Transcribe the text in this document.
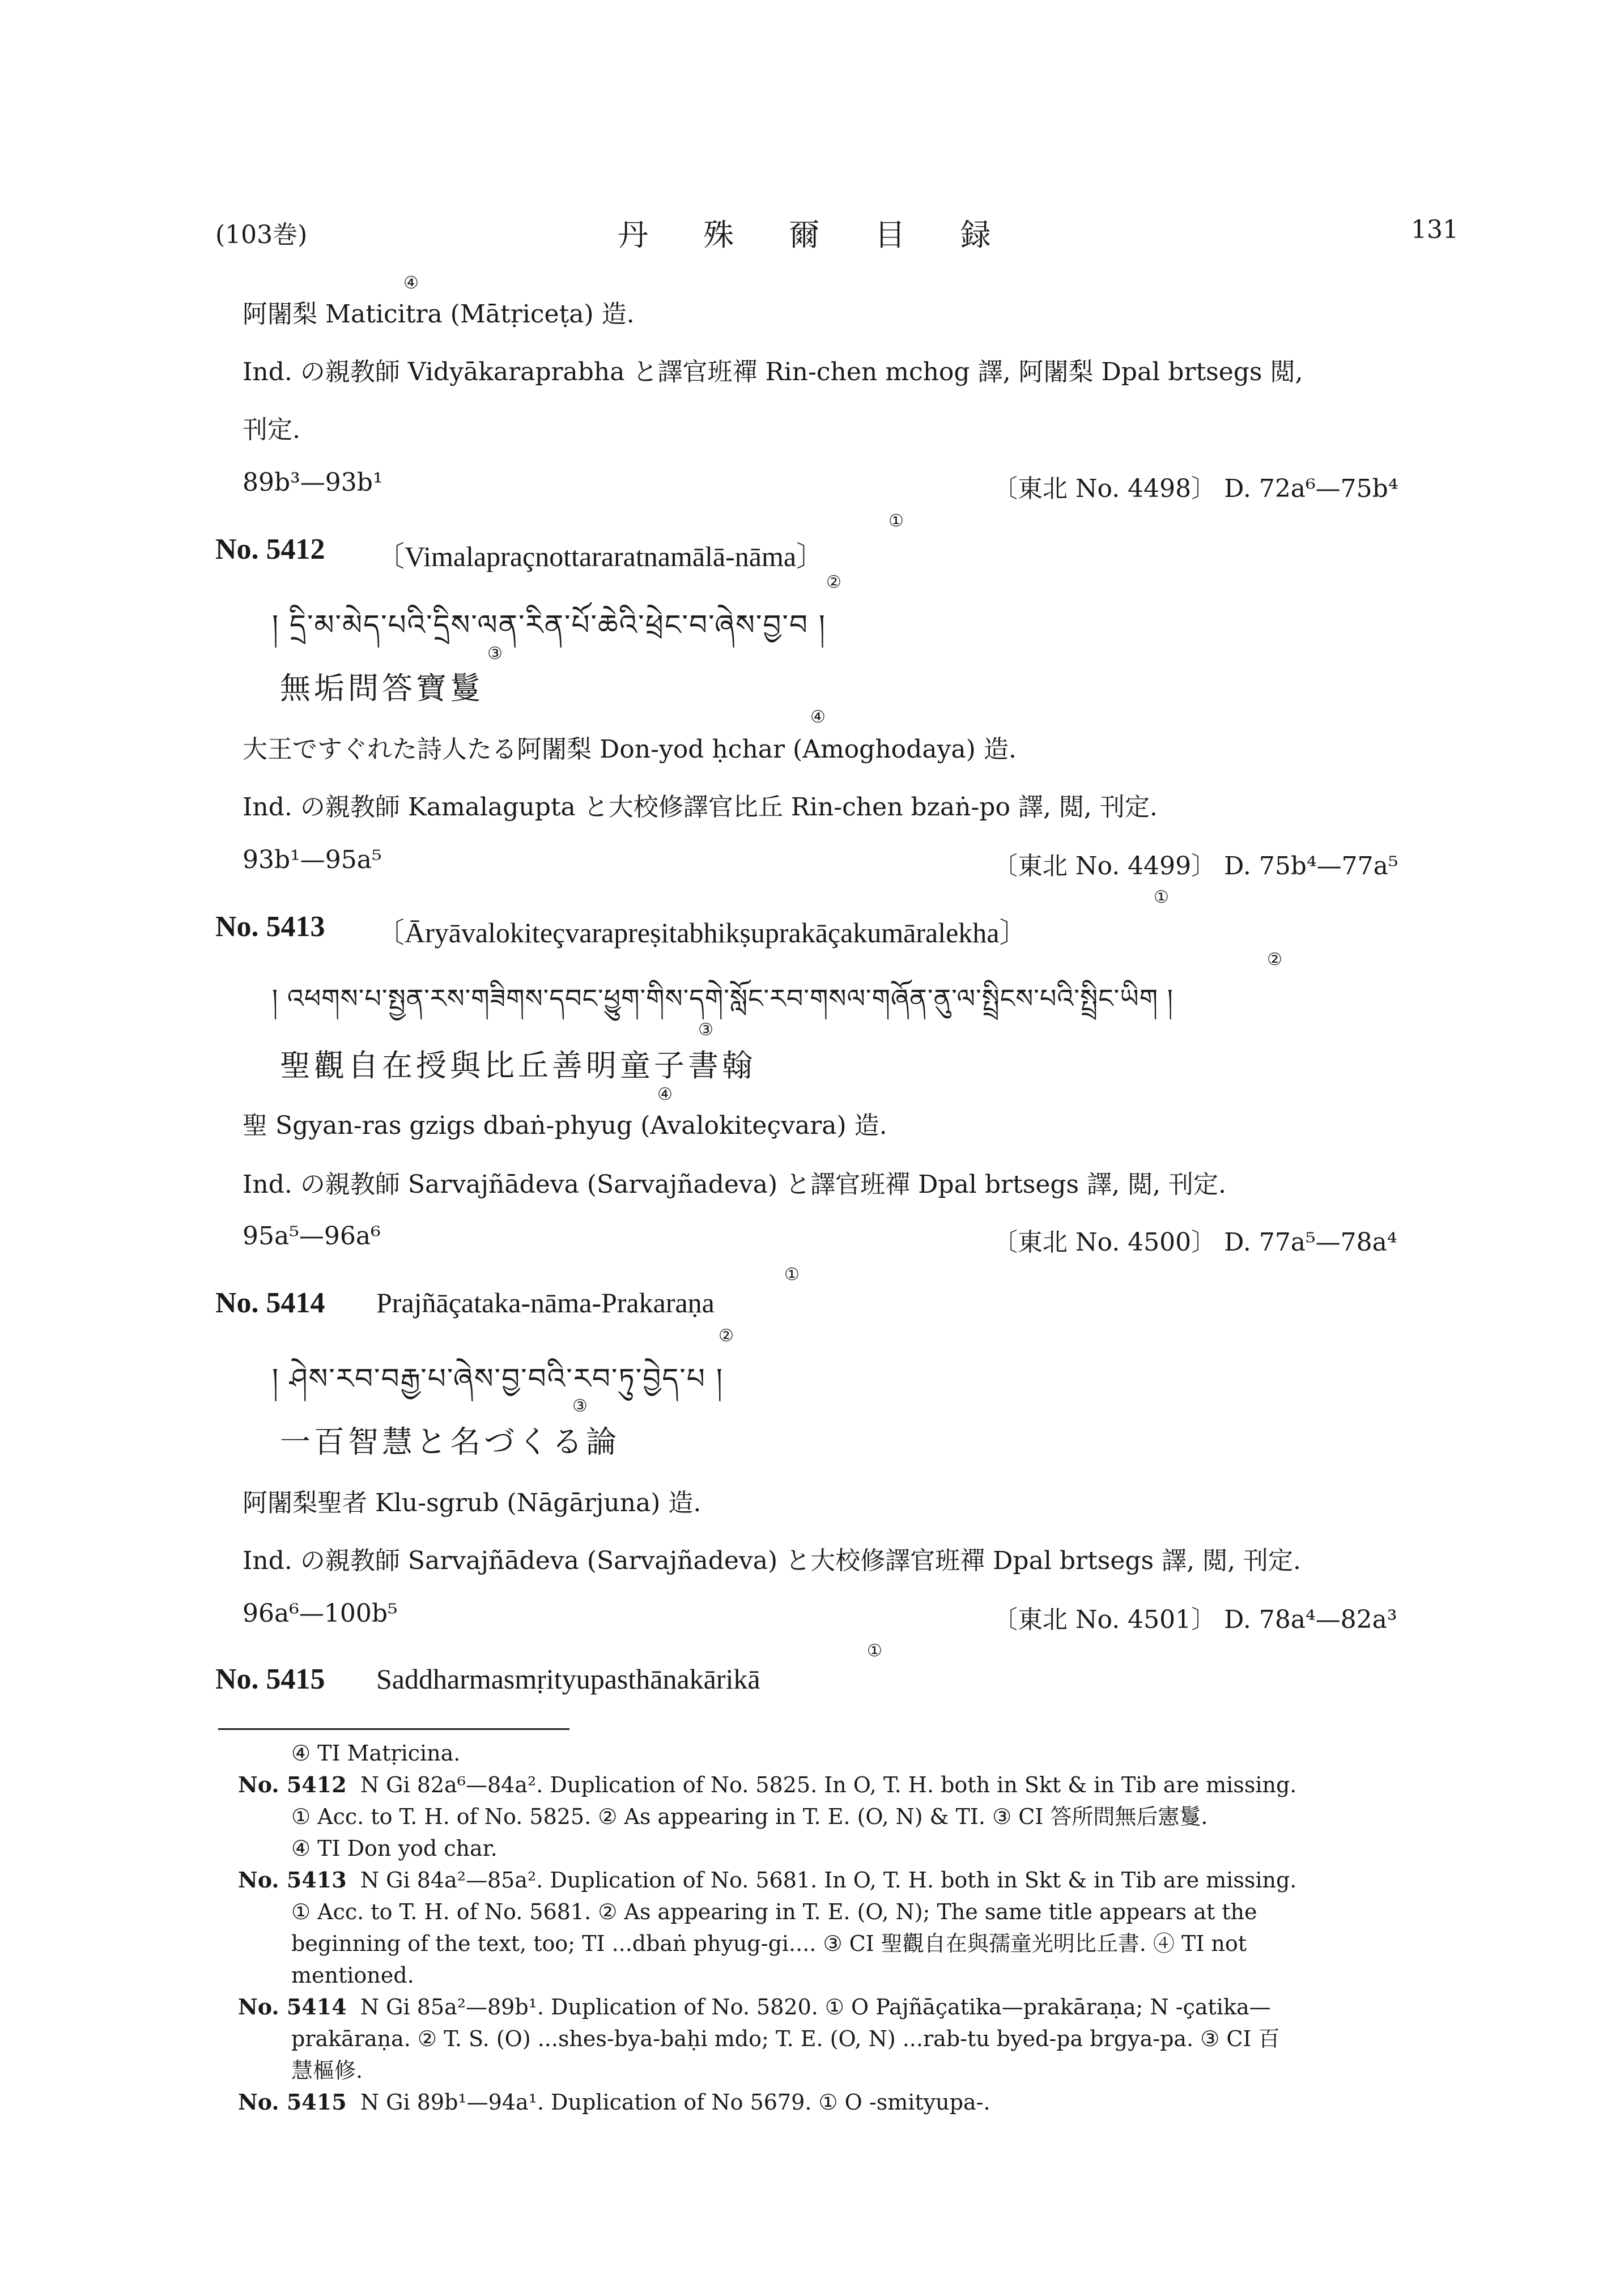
(103巻)	丹 殊 爾 目 録	131
④
阿闍梨 Maticitra (Mātṛiceṭa) 造.
Ind. の親教師 Vidyākaraprabha と譯官班禪 Rin-chen mchog 譯, 阿闍梨 Dpal brtsegs 閲,
刊定.
89b³—93b¹	〔東北 No. 4498〕 D. 72a⁶—75b⁴
①
No. 5412 〔Vimalapraçnottararatnamālā-nāma〕
②
། དྲི་མ་མེད་པའི་དྲིས་ལན་རིན་པོ་ཆེའི་ཕྲེང་བ་ཞེས་བྱ་བ །
③
無垢問答寶鬘
④
大王ですぐれた詩人たる阿闍梨 Don-yod ḥchar (Amoghodaya) 造.
Ind. の親教師 Kamalagupta と大校修譯官比丘 Rin-chen bzaṅ-po 譯, 閲, 刊定.
93b¹—95a⁵	〔東北 No. 4499〕 D. 75b⁴—77a⁵
①
No. 5413 〔Āryāvalokiteçvarapreṣitabhikṣuprakāçakumāralekha〕
②
། འཕགས་པ་སྤྱན་རས་གཟིགས་དབང་ཕྱུག་གིས་དགེ་སློང་རབ་གསལ་གཞོན་ནུ་ལ་སྤྲིངས་པའི་སྤྲིང་ཡིག །
③
聖觀自在授與比丘善明童子書翰
④
聖 Sgyan-ras gzigs dbaṅ-phyug (Avalokiteçvara) 造.
Ind. の親教師 Sarvajñādeva (Sarvajñadeva) と譯官班禪 Dpal brtsegs 譯, 閲, 刊定.
95a⁵—96a⁶	〔東北 No. 4500〕 D. 77a⁵—78a⁴
①
No. 5414 Prajñāçataka-nāma-Prakaraṇa
②
། ཤེས་རབ་བརྒྱ་པ་ཞེས་བྱ་བའི་རབ་ཏུ་བྱེད་པ །
③
一百智慧と名づくる論
阿闍梨聖者 Klu-sgrub (Nāgārjuna) 造.
Ind. の親教師 Sarvajñādeva (Sarvajñadeva) と大校修譯官班禪 Dpal brtsegs 譯, 閲, 刊定.
96a⁶—100b⁵	〔東北 No. 4501〕 D. 78a⁴—82a³
①
No. 5415 Saddharmasmṛityupasthānakārikā
④ TI Matṛicina.
No. 5412 N Gi 82a⁶—84a². Duplication of No. 5825. In O, T. H. both in Skt & in Tib are missing.
① Acc. to T. H. of No. 5825. ② As appearing in T. E. (O, N) & TI. ③ CI 答所問無后憲鬘.
④ TI Don yod char.
No. 5413 N Gi 84a²—85a². Duplication of No. 5681. In O, T. H. both in Skt & in Tib are missing.
① Acc. to T. H. of No. 5681. ② As appearing in T. E. (O, N); The same title appears at the
beginning of the text, too; TI ...dbaṅ phyug-gi.... ③ CI 聖觀自在與孺童光明比丘書. ④ TI not
mentioned.
No. 5414 N Gi 85a²—89b¹. Duplication of No. 5820. ① O Pajñāçatika—prakāraṇa; N -çatika—
prakāraṇa. ② T. S. (O) ...shes-bya-baḥi mdo; T. E. (O, N) ...rab-tu byed-pa brgya-pa. ③ CI 百
慧樞修.
No. 5415 N Gi 89b¹—94a¹. Duplication of No 5679. ① O -smityupa-.
